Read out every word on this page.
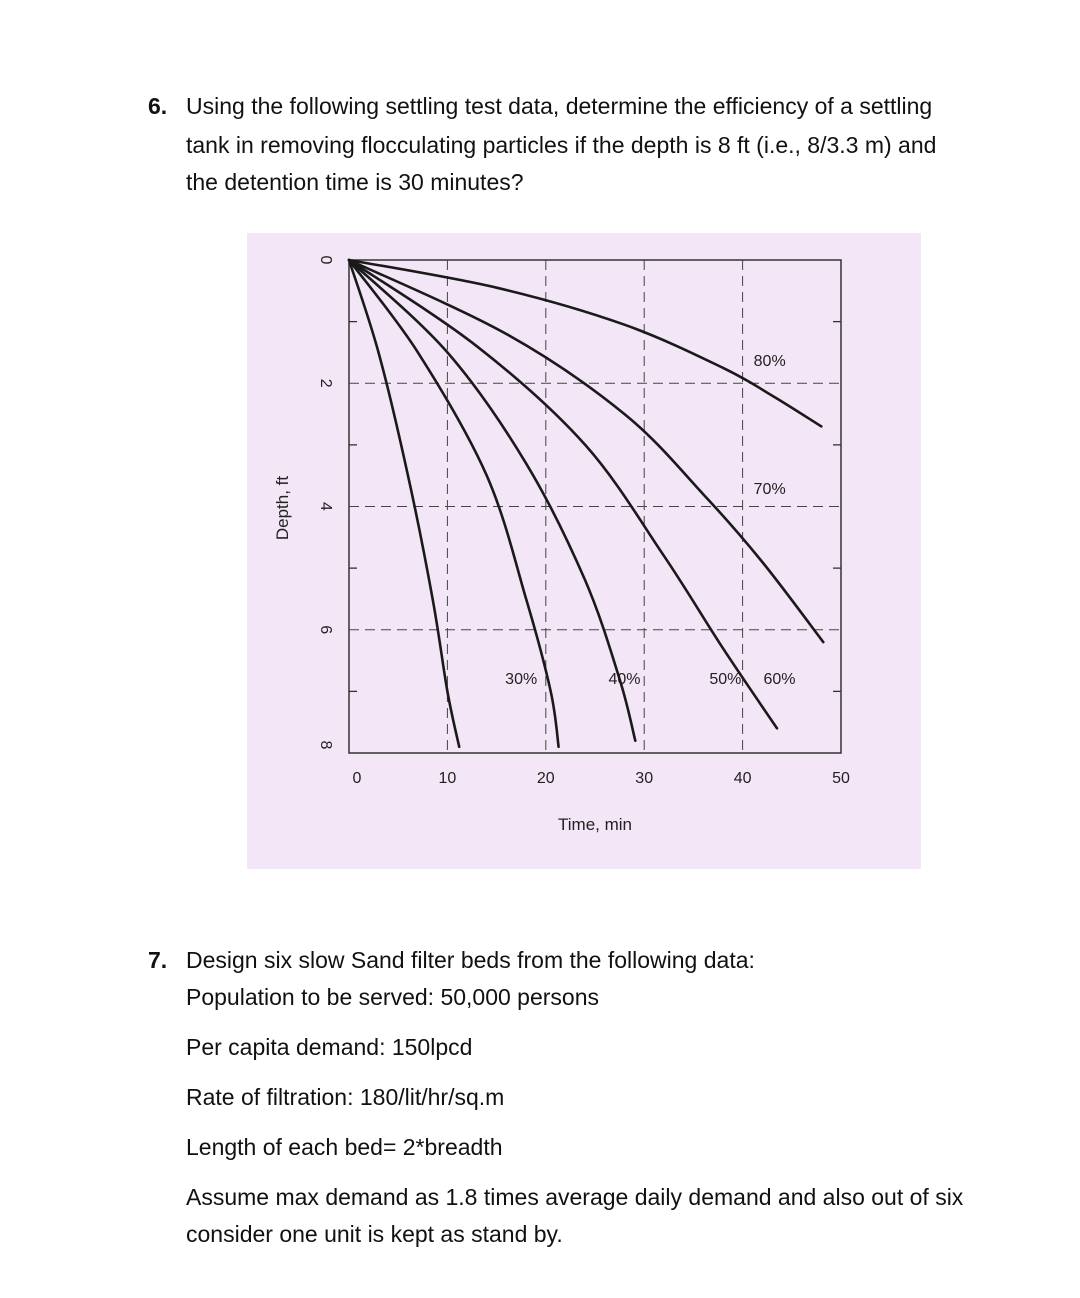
6. Using the following settling test data, determine the efficiency of a settling
tank in removing flocculating particles if the depth is 8 ft (i.e., 8/3.3 m) and
the detention time is 30 minutes?
0	10	20	30	40	50
0
2
4
6
8
Time, min
Depth, ft
30%	40%	50% 60%
70%
80%
7. Design six slow Sand filter beds from the following data:
Population to be served: 50,000 persons
Per capita demand: 150lpcd
Rate of filtration: 180/lit/hr/sq.m
Length of each bed= 2*breadth
Assume max demand as 1.8 times average daily demand and also out of six
consider one unit is kept as stand by.
